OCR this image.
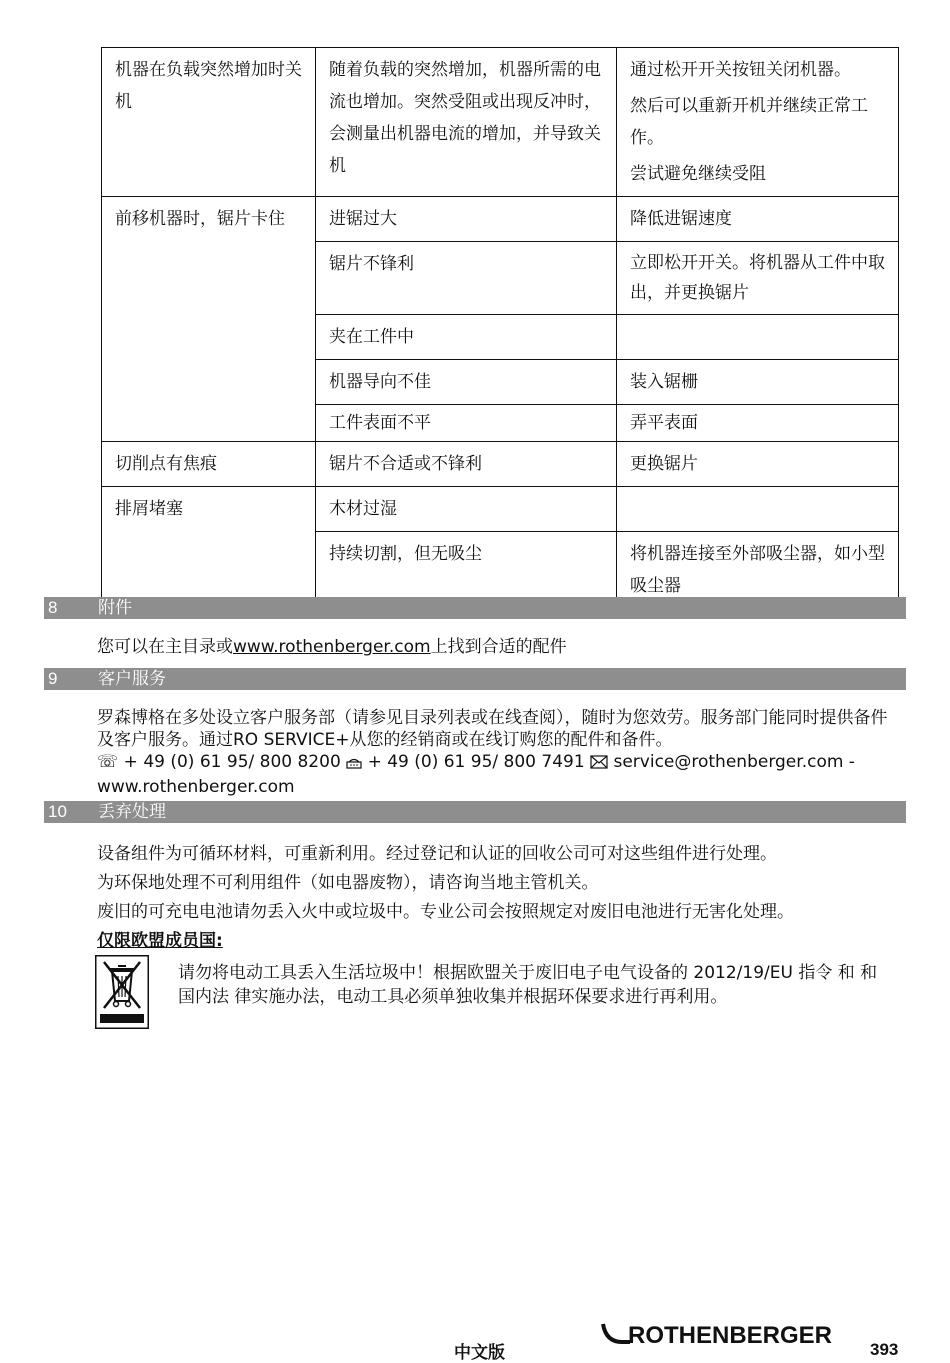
机器在负载突然增加时关机	随着负载的突然增加，机器所需的电流也增加。突然受阻或出现反冲时，会测量出机器电流的增加，并导致关机	通过松开开关按钮关闭机器。
然后可以重新开机并继续正常工作。
尝试避免继续受阻

前移机器时，锯片卡住	进锯过大	降低进锯速度
	锯片不锋利	立即松开开关。将机器从工件中取出，并更换锯片
	夹在工件中	
	机器导向不佳	装入锯栅
	工件表面不平	弄平表面
切削点有焦痕	锯片不合适或不锋利	更换锯片
排屑堵塞	木材过湿	
	持续切割，但无吸尘	将机器连接至外部吸尘器，如小型吸尘器
8 附件
您可以在主目录或www.rothenberger.com上找到合适的配件
9 客户服务
罗森博格在多处设立客户服务部（请参见目录列表或在线查阅），随时为您效劳。服务部门能同时提供备件及客户服务。通过RO SERVICE+从您的经销商或在线订购您的配件和备件。
☏ + 49 (0) 61 95/ 800 8200 + 49 (0) 61 95/ 800 7491 service@rothenberger.com -
www.rothenberger.com
10 丢弃处理
设备组件为可循环材料，可重新利用。经过登记和认证的回收公司可对这些组件进行处理。
为环保地处理不可利用组件（如电器废物），请咨询当地主管机关。
废旧的可充电电池请勿丢入火中或垃圾中。专业公司会按照规定对废旧电池进行无害化处理。
仅限欧盟成员国:
请勿将电动工具丢入生活垃圾中！根据欧盟关于废旧电子电气设备的 2012/19/EU 指令 和 和国内法 律实施办法，电动工具必须单独收集并根据环保要求进行再利用。
中文版
ROTHENBERGER
393
